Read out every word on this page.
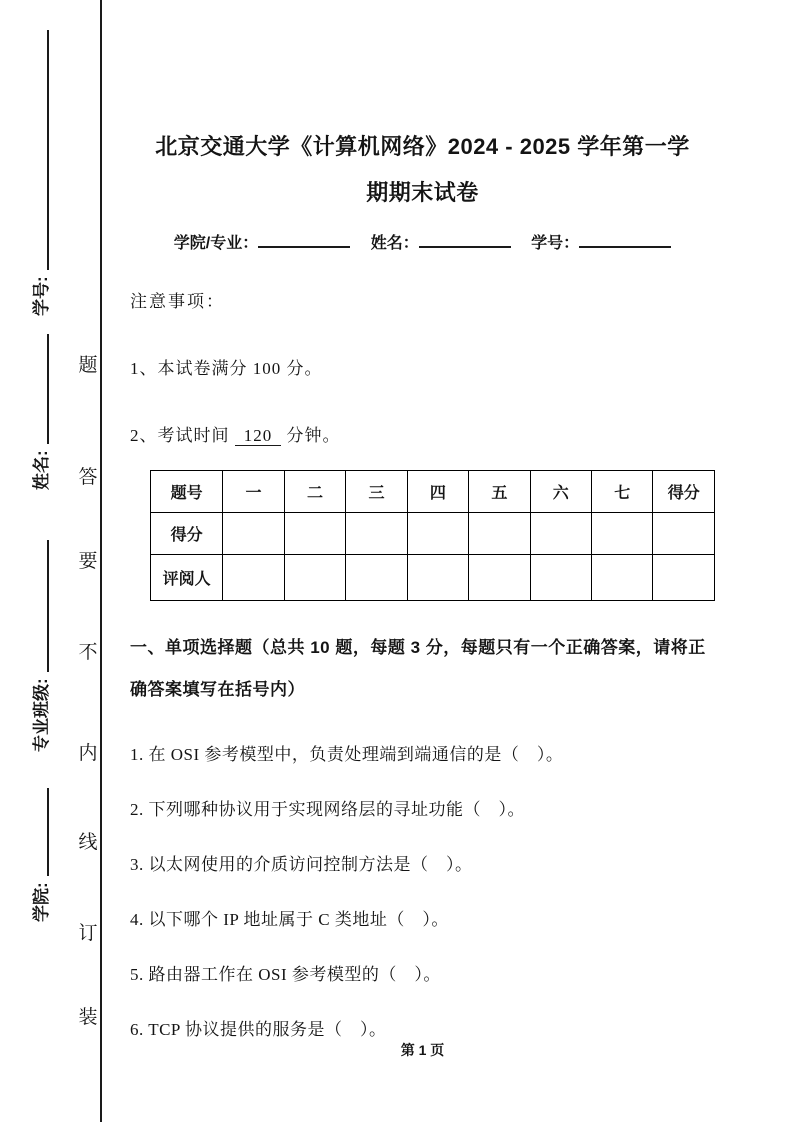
学号:
姓名:
专业班级:
学院:
题
答
要
不
内
线
订
装
北京交通大学《计算机网络》2024 - 2025 学年第一学
期期末试卷
学院/专业：	姓名：	学号：
注意事项：
1、本试卷满分 100 分。
2、考试时间 120 分钟。
题号	一	二	三	四	五	六	七	得分
得分								
评阅人								
一、单项选择题（总共 10 题，每题 3 分，每题只有一个正确答案，请将正确答案填写在括号内）
1. 在 OSI 参考模型中，负责处理端到端通信的是（　）。
2. 下列哪种协议用于实现网络层的寻址功能（　）。
3. 以太网使用的介质访问控制方法是（　）。
4. 以下哪个 IP 地址属于 C 类地址（　）。
5. 路由器工作在 OSI 参考模型的（　）。
6. TCP 协议提供的服务是（　）。
第 1 页
